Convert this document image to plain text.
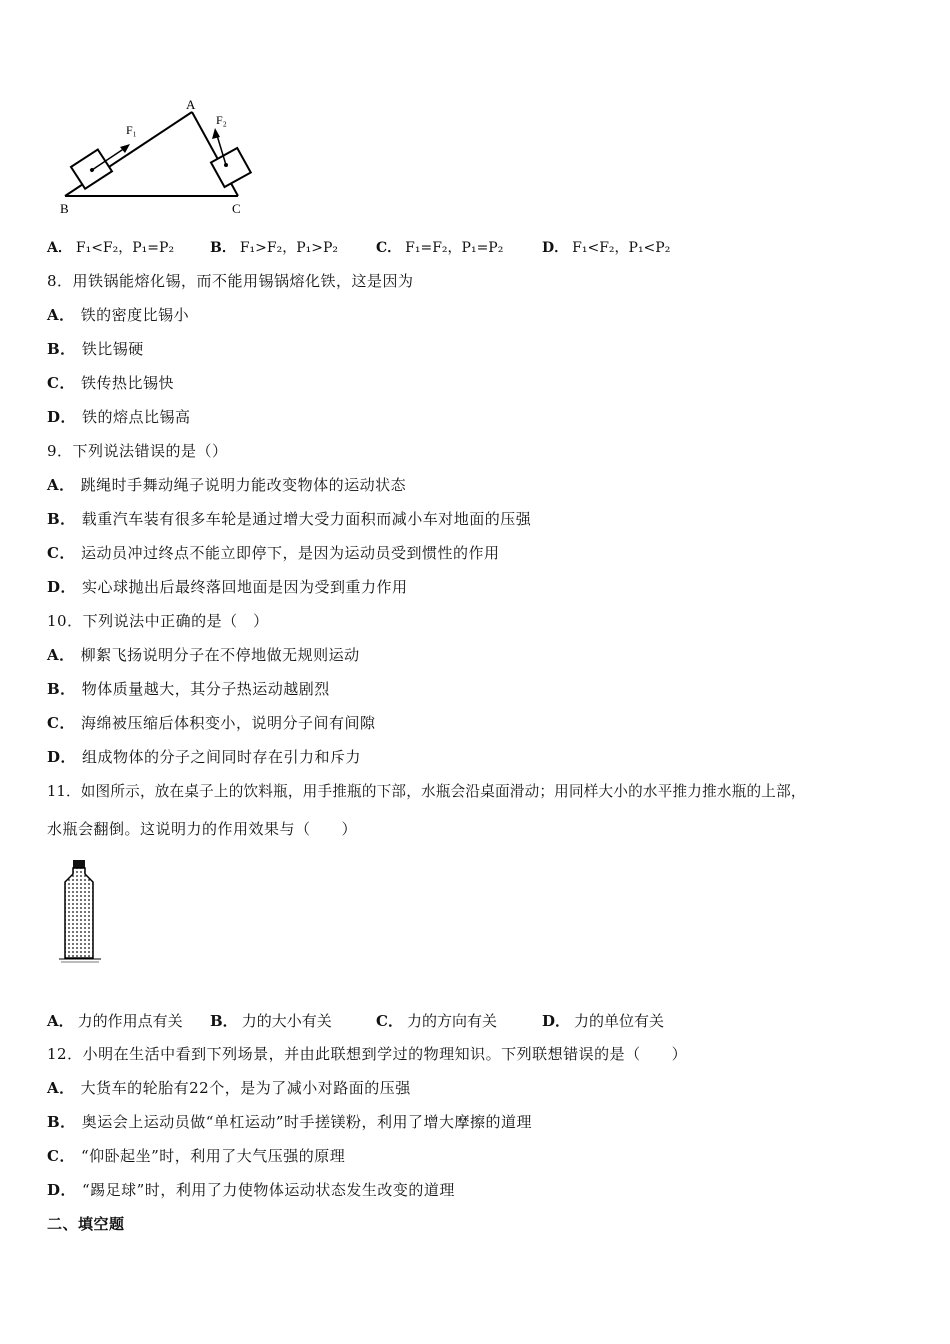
A
B	C
F₁
F₂
A． F₁<F₂，P₁=P₂	B． F₁>F₂，P₁>P₂	C． F₁=F₂，P₁=P₂	D． F₁<F₂，P₁<P₂
8．用铁锅能熔化锡，而不能用锡锅熔化铁，这是因为
A． 铁的密度比锡小
B． 铁比锡硬
C． 铁传热比锡快
D． 铁的熔点比锡高
9．下列说法错误的是（）
A． 跳绳时手舞动绳子说明力能改变物体的运动状态
B． 载重汽车装有很多车轮是通过增大受力面积而减小车对地面的压强
C． 运动员冲过终点不能立即停下，是因为运动员受到惯性的作用
D． 实心球抛出后最终落回地面是因为受到重力作用
10．下列说法中正确的是（　）
A． 柳絮飞扬说明分子在不停地做无规则运动
B． 物体质量越大，其分子热运动越剧烈
C． 海绵被压缩后体积变小，说明分子间有间隙
D． 组成物体的分子之间同时存在引力和斥力
11．如图所示，放在桌子上的饮料瓶，用手推瓶的下部，水瓶会沿桌面滑动；用同样大小的水平推力推水瓶的上部，
水瓶会翻倒。这说明力的作用效果与（　　）
A． 力的作用点有关 B． 力的大小有关	C． 力的方向有关	D． 力的单位有关
12．小明在生活中看到下列场景，并由此联想到学过的物理知识。下列联想错误的是（　　）
A． 大货车的轮胎有22个，是为了减小对路面的压强
B． 奥运会上运动员做“单杠运动”时手搓镁粉，利用了增大摩擦的道理
C． “仰卧起坐”时，利用了大气压强的原理
D． “踢足球”时，利用了力使物体运动状态发生改变的道理
二、填空题
